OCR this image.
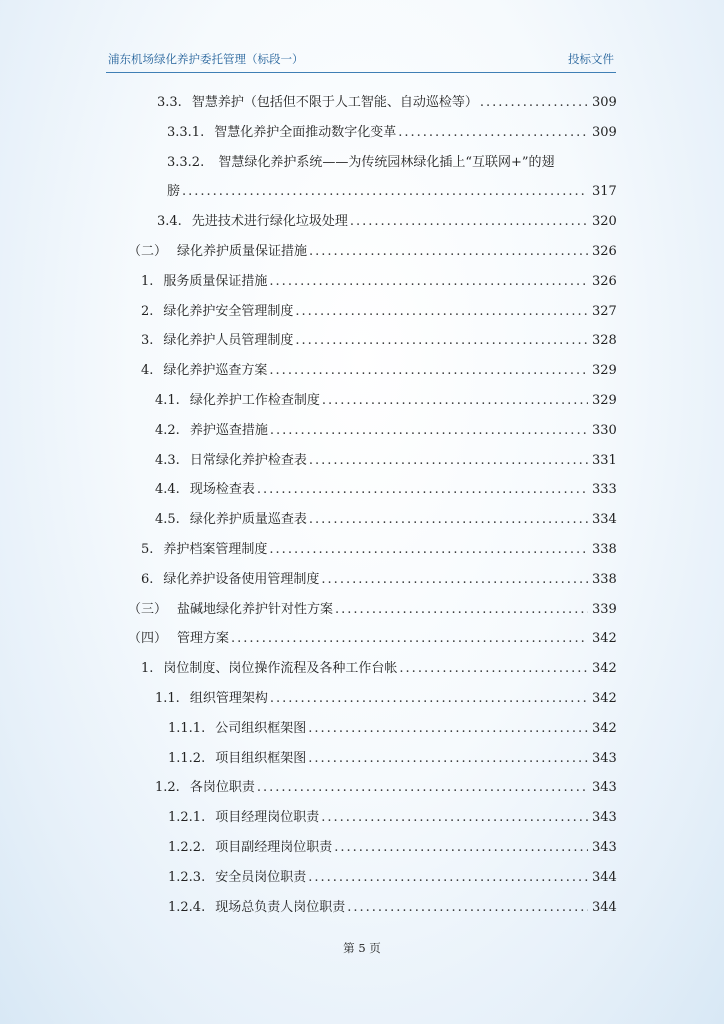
浦东机场绿化养护委托管理（标段一）	投标文件
3.3. 智慧养护（包括但不限于人工智能、自动巡检等） .....	309
3.3.1. 智慧化养护全面推动数字化变革 .....	309
3.3.2. 智慧绿化养护系统——为传统园林绿化插上“互联网+”的翅
膀 .....	317
3.4. 先进技术进行绿化垃圾处理 .....	320
（二） 绿化养护质量保证措施 .....	326
1. 服务质量保证措施 .....	326
2. 绿化养护安全管理制度 .....	327
3. 绿化养护人员管理制度 .....	328
4. 绿化养护巡查方案 .....	329
4.1. 绿化养护工作检查制度 .....	329
4.2. 养护巡查措施 .....	330
4.3. 日常绿化养护检查表 .....	331
4.4. 现场检查表 .....	333
4.5. 绿化养护质量巡查表 .....	334
5. 养护档案管理制度 .....	338
6. 绿化养护设备使用管理制度 .....	338
（三） 盐碱地绿化养护针对性方案 .....	339
（四） 管理方案 .....	342
1. 岗位制度、岗位操作流程及各种工作台帐 .....	342
1.1. 组织管理架构 .....	342
1.1.1. 公司组织框架图 .....	342
1.1.2. 项目组织框架图 .....	343
1.2. 各岗位职责 .....	343
1.2.1. 项目经理岗位职责 .....	343
1.2.2. 项目副经理岗位职责 .....	343
1.2.3. 安全员岗位职责 .....	344
1.2.4. 现场总负责人岗位职责 .....	344
第 5 页
